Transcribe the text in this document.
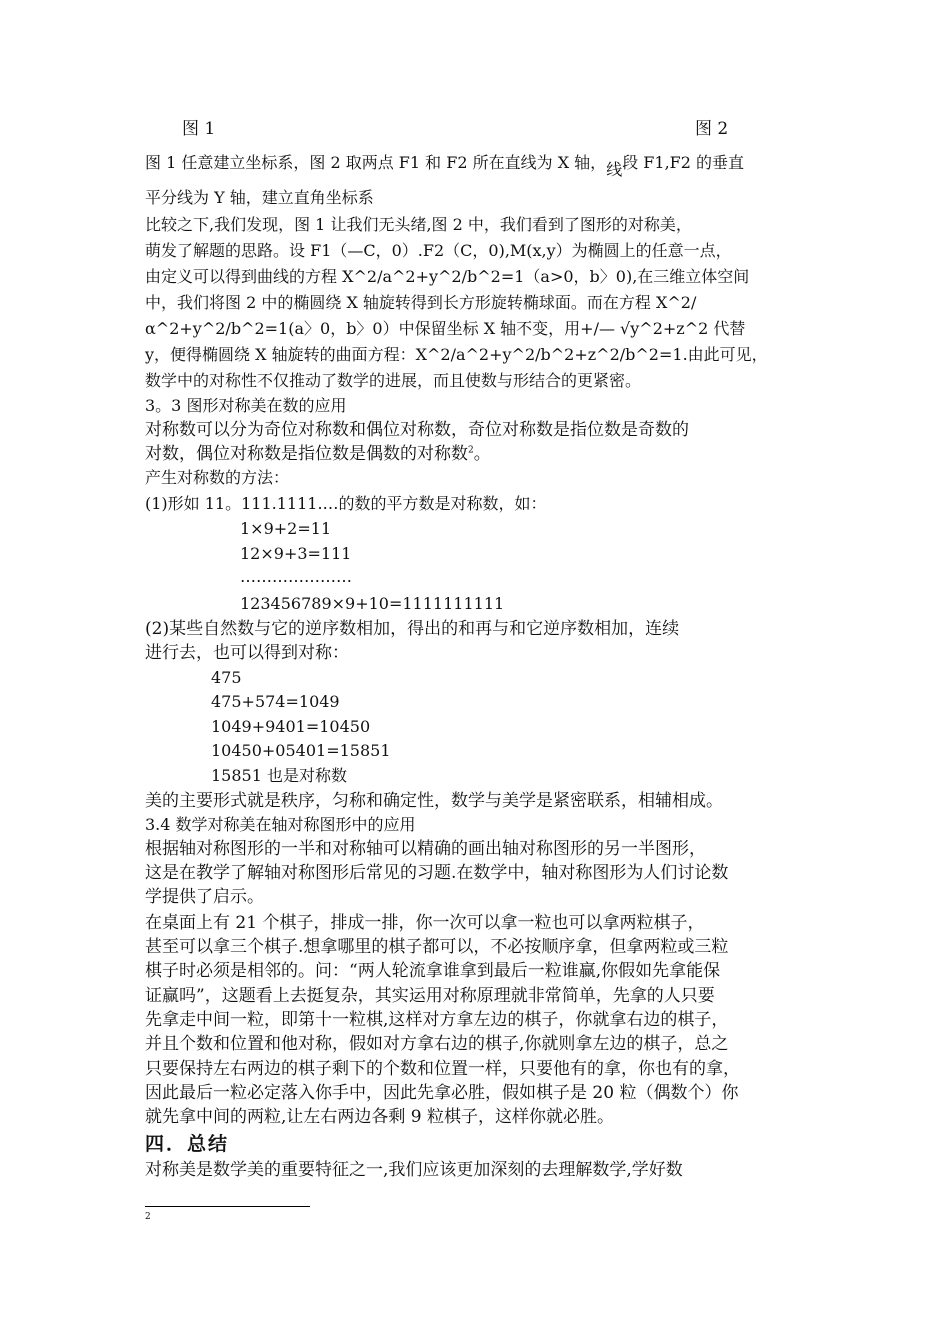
图 1	图 2
图 1 任意建立坐标系，图 2 取两点 F1 和 F2 所在直线为 X 轴，线段 F1,F2 的垂直
平分线为 Y 轴，建立直角坐标系
比较之下,我们发现，图 1 让我们无头绪,图 2 中，我们看到了图形的对称美，
萌发了解题的思路。设 F1（—C，0）.F2（C，0),M(x,y）为椭圆上的任意一点，
由定义可以得到曲线的方程 X^2/a^2+y^2/b^2=1（a>0，b〉0),在三维立体空间
中，我们将图 2 中的椭圆绕 X 轴旋转得到长方形旋转椭球面。而在方程 X^2/
α^2+y^2/b^2=1(a〉0，b〉0）中保留坐标 X 轴不变，用+/— √y^2+z^2 代替
y，便得椭圆绕 X 轴旋转的曲面方程：X^2/a^2+y^2/b^2+z^2/b^2=1.由此可见，
数学中的对称性不仅推动了数学的进展，而且使数与形结合的更紧密。
3。3 图形对称美在数的应用
对称数可以分为奇位对称数和偶位对称数，奇位对称数是指位数是奇数的
对数，偶位对称数是指位数是偶数的对称数$^2$。
产生对称数的方法：
(1)形如 11。111.1111.…的数的平方数是对称数，如：
1×9+2=11
12×9+3=111
…………………
123456789×9+10=1111111111
(2)某些自然数与它的逆序数相加，得出的和再与和它逆序数相加，连续
进行去，也可以得到对称：
475
475+574=1049
1049+9401=10450
10450+05401=15851
15851 也是对称数
美的主要形式就是秩序，匀称和确定性，数学与美学是紧密联系，相辅相成。
3.4 数学对称美在轴对称图形中的应用
根据轴对称图形的一半和对称轴可以精确的画出轴对称图形的另一半图形，
这是在教学了解轴对称图形后常见的习题.在数学中，轴对称图形为人们讨论数
学提供了启示。
在桌面上有 21 个棋子，排成一排，你一次可以拿一粒也可以拿两粒棋子，
甚至可以拿三个棋子.想拿哪里的棋子都可以，不必按顺序拿，但拿两粒或三粒
棋子时必须是相邻的。问：“两人轮流拿谁拿到最后一粒谁赢,你假如先拿能保
证赢吗”，这题看上去挺复杂，其实运用对称原理就非常简单，先拿的人只要
先拿走中间一粒，即第十一粒棋,这样对方拿左边的棋子，你就拿右边的棋子，
并且个数和位置和他对称，假如对方拿右边的棋子,你就则拿左边的棋子，总之
只要保持左右两边的棋子剩下的个数和位置一样，只要他有的拿，你也有的拿，
因此最后一粒必定落入你手中，因此先拿必胜，假如棋子是 20 粒（偶数个）你
就先拿中间的两粒,让左右两边各剩 9 粒棋子，这样你就必胜。
四．总结
对称美是数学美的重要特征之一,我们应该更加深刻的去理解数学,学好数
2
